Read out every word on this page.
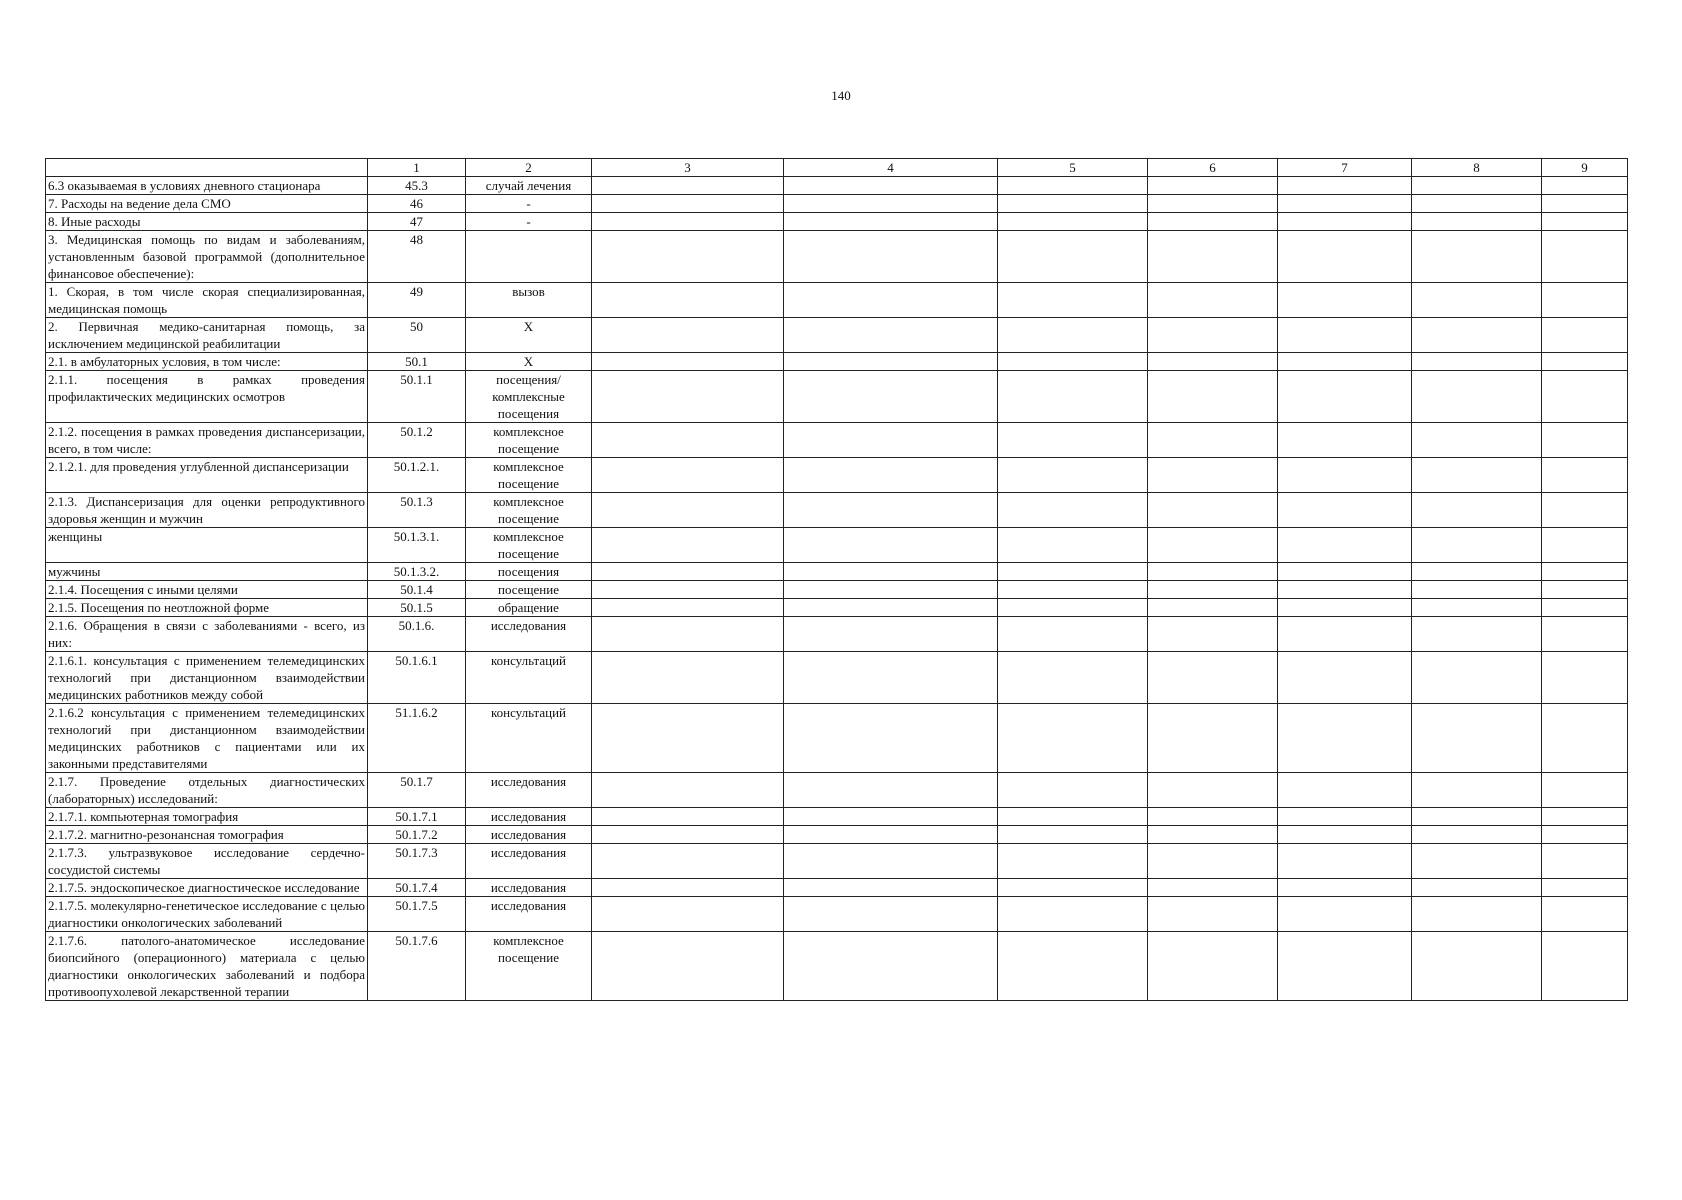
140
	1	2	3	4	5	6	7	8	9
6.3 оказываемая в условиях дневного стационара	45.3	случай лечения							
7. Расходы на ведение дела СМО	46	-							
8. Иные расходы	47	-							
3. Медицинская помощь по видам и заболеваниям, установленным базовой программой (дополнительное финансовое обеспечение):	48								
1. Скорая, в том числе скорая специализированная, медицинская помощь	49	вызов							
2. Первичная медико-санитарная помощь, за исключением медицинской реабилитации	50	Х							
2.1. в амбулаторных условия, в том числе:	50.1	Х							
2.1.1. посещения в рамках проведения профилактических медицинских осмотров	50.1.1	посещения/ комплексные посещения							
2.1.2. посещения в рамках проведения диспансеризации, всего, в том числе:	50.1.2	комплексное посещение							
2.1.2.1. для проведения углубленной диспансеризации	50.1.2.1.	комплексное посещение							
2.1.3. Диспансеризация для оценки репродуктивного здоровья женщин и мужчин	50.1.3	комплексное посещение							
женщины	50.1.3.1.	комплексное посещение							
мужчины	50.1.3.2.	посещения							
2.1.4. Посещения с иными целями	50.1.4	посещение							
2.1.5. Посещения по неотложной форме	50.1.5	обращение							
2.1.6. Обращения в связи с заболеваниями - всего, из них:	50.1.6.	исследования							
2.1.6.1. консультация с применением телемедицинских технологий при дистанционном взаимодействии медицинских работников между собой	50.1.6.1	консультаций							
2.1.6.2 консультация с применением телемедицинских технологий при дистанционном взаимодействии медицинских работников с пациентами или их законными представителями	51.1.6.2	консультаций							
2.1.7. Проведение отдельных диагностических (лабораторных) исследований:	50.1.7	исследования							
2.1.7.1. компьютерная томография	50.1.7.1	исследования							
2.1.7.2. магнитно-резонансная томография	50.1.7.2	исследования							
2.1.7.3. ультразвуковое исследование сердечно-сосудистой системы	50.1.7.3	исследования							
2.1.7.5. эндоскопическое диагностическое исследование	50.1.7.4	исследования							
2.1.7.5. молекулярно-генетическое исследование с целью диагностики онкологических заболеваний	50.1.7.5	исследования							
2.1.7.6. патолого-анатомическое исследование биопсийного (операционного) материала с целью диагностики онкологических заболеваний и подбора противоопухолевой лекарственной терапии	50.1.7.6	комплексное посещение							
